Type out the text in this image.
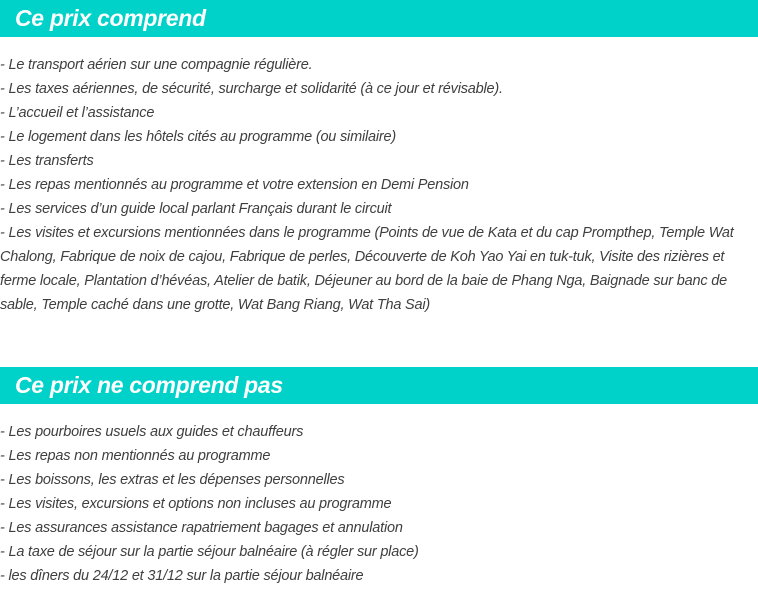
Ce prix comprend
- Le transport aérien sur une compagnie régulière.
- Les taxes aériennes, de sécurité, surcharge et solidarité (à ce jour et révisable).
- L’accueil et l’assistance
- Le logement dans les hôtels cités au programme (ou similaire)
- Les transferts
- Les repas mentionnés au programme et votre extension en Demi Pension
- Les services d’un guide local parlant Français durant le circuit
- Les visites et excursions mentionnées dans le programme (Points de vue de Kata et du cap Prompthep, Temple Wat Chalong, Fabrique de noix de cajou, Fabrique de perles, Découverte de Koh Yao Yai en tuk-tuk, Visite des rizières et ferme locale, Plantation d’hévéas, Atelier de batik, Déjeuner au bord de la baie de Phang Nga, Baignade sur banc de sable, Temple caché dans une grotte, Wat Bang Riang, Wat Tha Sai)
Ce prix ne comprend pas
- Les pourboires usuels aux guides et chauffeurs
- Les repas non mentionnés au programme
- Les boissons, les extras et les dépenses personnelles
- Les visites, excursions et options non incluses au programme
- Les assurances assistance rapatriement bagages et annulation
- La taxe de séjour sur la partie séjour balnéaire (à régler sur place)
- les dîners du 24/12 et 31/12 sur la partie séjour balnéaire
